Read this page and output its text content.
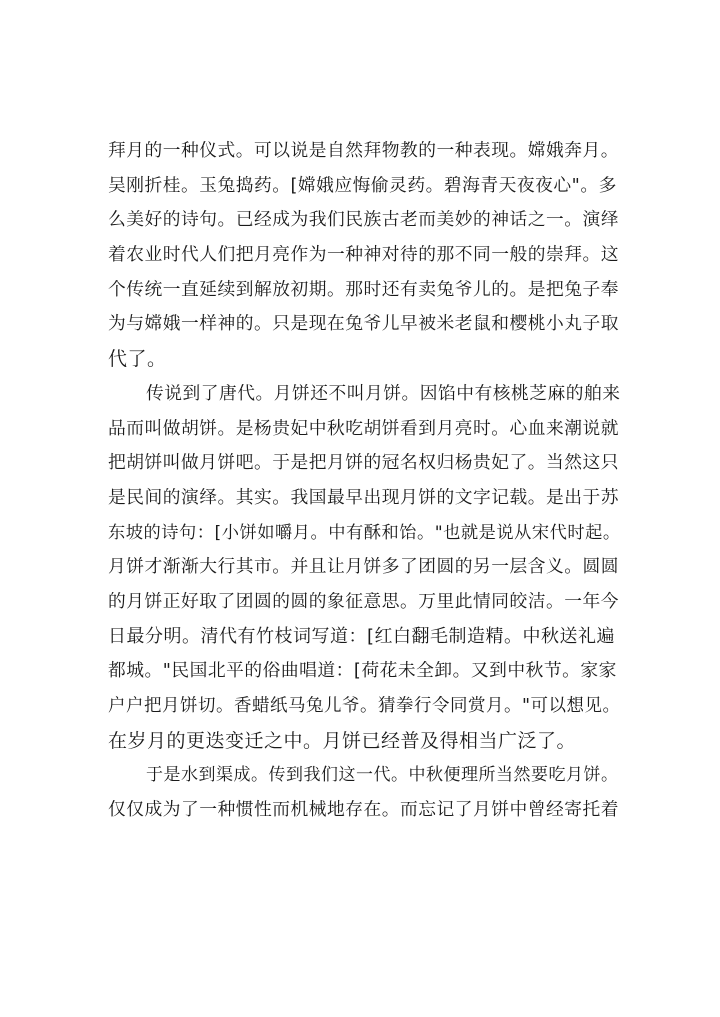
拜月的一种仪式。可以说是自然拜物教的一种表现。嫦娥奔月。
吴刚折桂。玉兔捣药。[嫦娥应悔偷灵药。碧海青天夜夜心"。多
么美好的诗句。已经成为我们民族古老而美妙的神话之一。演绎
着农业时代人们把月亮作为一种神对待的那不同一般的崇拜。这
个传统一直延续到解放初期。那时还有卖兔爷儿的。是把兔子奉
为与嫦娥一样神的。只是现在兔爷儿早被米老鼠和樱桃小丸子取
代了。
传说到了唐代。月饼还不叫月饼。因馅中有核桃芝麻的舶来
品而叫做胡饼。是杨贵妃中秋吃胡饼看到月亮时。心血来潮说就
把胡饼叫做月饼吧。于是把月饼的冠名权归杨贵妃了。当然这只
是民间的演绎。其实。我国最早出现月饼的文字记载。是出于苏
东坡的诗句：[小饼如嚼月。中有酥和饴。"也就是说从宋代时起。
月饼才渐渐大行其市。并且让月饼多了团圆的另一层含义。圆圆
的月饼正好取了团圆的圆的象征意思。万里此情同皎洁。一年今
日最分明。清代有竹枝词写道：[红白翻毛制造精。中秋送礼遍
都城。"民国北平的俗曲唱道：[荷花未全卸。又到中秋节。家家
户户把月饼切。香蜡纸马兔儿爷。猜拳行令同赏月。"可以想见。
在岁月的更迭变迁之中。月饼已经普及得相当广泛了。
于是水到渠成。传到我们这一代。中秋便理所当然要吃月饼。
仅仅成为了一种惯性而机械地存在。而忘记了月饼中曾经寄托着
